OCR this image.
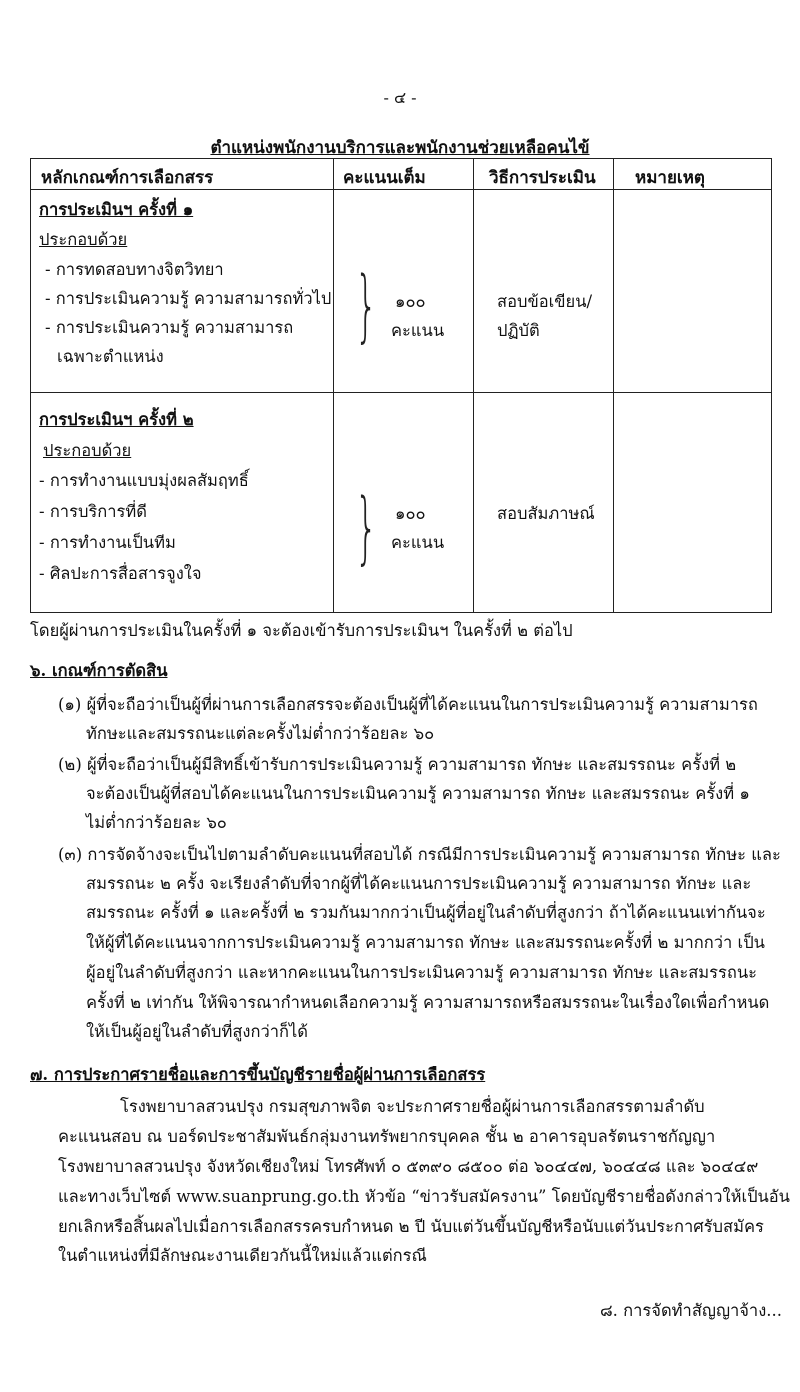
- ๔ -
ตำแหน่งพนักงานบริการและพนักงานช่วยเหลือคนไข้
หลักเกณฑ์การเลือกสรร	คะแนนเต็ม	วิธีการประเมิน หมายเหตุ
การประเมินฯ ครั้งที่ ๑
ประกอบด้วย
- การทดสอบทางจิตวิทยา
- การประเมินความรู้ ความสามารถทั่วไป
- การประเมินความรู้ ความสามารถ
เฉพาะตำแหน่ง
} ๑๐๐
คะแนน
สอบข้อเขียน/
ปฏิบัติ
การประเมินฯ ครั้งที่ ๒
ประกอบด้วย
- การทำงานแบบมุ่งผลสัมฤทธิ์
- การบริการที่ดี
- การทำงานเป็นทีม
- ศิลปะการสื่อสารจูงใจ
} ๑๐๐
คะแนน
สอบสัมภาษณ์
โดยผู้ผ่านการประเมินในครั้งที่ ๑ จะต้องเข้ารับการประเมินฯ ในครั้งที่ ๒ ต่อไป
๖. เกณฑ์การตัดสิน
(๑) ผู้ที่จะถือว่าเป็นผู้ที่ผ่านการเลือกสรรจะต้องเป็นผู้ที่ได้คะแนนในการประเมินความรู้ ความสามารถ
ทักษะและสมรรถนะแต่ละครั้งไม่ต่ำกว่าร้อยละ ๖๐
(๒) ผู้ที่จะถือว่าเป็นผู้มีสิทธิ์เข้ารับการประเมินความรู้ ความสามารถ ทักษะ และสมรรถนะ ครั้งที่ ๒
จะต้องเป็นผู้ที่สอบได้คะแนนในการประเมินความรู้ ความสามารถ ทักษะ และสมรรถนะ ครั้งที่ ๑
ไม่ต่ำกว่าร้อยละ ๖๐
(๓) การจัดจ้างจะเป็นไปตามลำดับคะแนนที่สอบได้ กรณีมีการประเมินความรู้ ความสามารถ ทักษะ และ
สมรรถนะ ๒ ครั้ง จะเรียงลำดับที่จากผู้ที่ได้คะแนนการประเมินความรู้ ความสามารถ ทักษะ และ
สมรรถนะ ครั้งที่ ๑ และครั้งที่ ๒ รวมกันมากกว่าเป็นผู้ที่อยู่ในลำดับที่สูงกว่า ถ้าได้คะแนนเท่ากันจะ
ให้ผู้ที่ได้คะแนนจากการประเมินความรู้ ความสามารถ ทักษะ และสมรรถนะครั้งที่ ๒ มากกว่า เป็น
ผู้อยู่ในลำดับที่สูงกว่า และหากคะแนนในการประเมินความรู้ ความสามารถ ทักษะ และสมรรถนะ
ครั้งที่ ๒ เท่ากัน ให้พิจารณากำหนดเลือกความรู้ ความสามารถหรือสมรรถนะในเรื่องใดเพื่อกำหนด
ให้เป็นผู้อยู่ในลำดับที่สูงกว่าก็ได้
๗. การประกาศรายชื่อและการขึ้นบัญชีรายชื่อผู้ผ่านการเลือกสรร
โรงพยาบาลสวนปรุง กรมสุขภาพจิต จะประกาศรายชื่อผู้ผ่านการเลือกสรรตามลำดับ
คะแนนสอบ ณ บอร์ดประชาสัมพันธ์กลุ่มงานทรัพยากรบุคคล ชั้น ๒ อาคารอุบลรัตนราชกัญญา
โรงพยาบาลสวนปรุง จังหวัดเชียงใหม่ โทรศัพท์ ๐ ๕๓๙๐ ๘๕๐๐ ต่อ ๖๐๔๔๗, ๖๐๔๔๘ และ ๖๐๔๔๙
และทางเว็บไซต์ www.suanprung.go.th หัวข้อ “ข่าวรับสมัครงาน” โดยบัญชีรายชื่อดังกล่าวให้เป็นอัน
ยกเลิกหรือสิ้นผลไปเมื่อการเลือกสรรครบกำหนด ๒ ปี นับแต่วันขึ้นบัญชีหรือนับแต่วันประกาศรับสมัคร
ในตำแหน่งที่มีลักษณะงานเดียวกันนี้ใหม่แล้วแต่กรณี
๘. การจัดทำสัญญาจ้าง...
